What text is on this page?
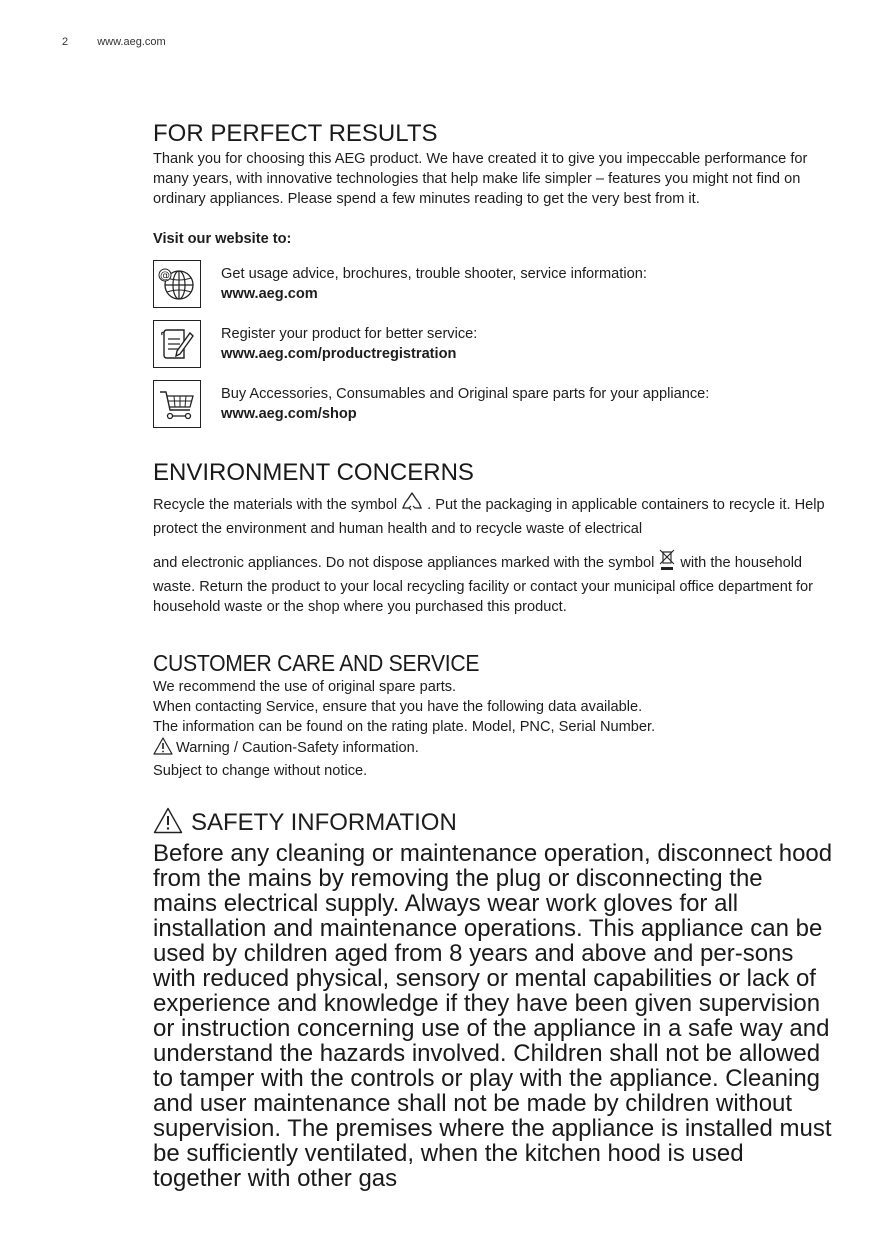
2	www.aeg.com
FOR PERFECT RESULTS

Thank you for choosing this AEG product. We have created it to give you impeccable performance for many years, with innovative technologies that help make life simpler – features you might not find on ordinary appliances. Please spend a few minutes reading to get the very best from it.

Visit our website to:

@	Get usage advice, brochures, trouble shooter, service information:
www.aeg.com
Register your product for better service:
www.aeg.com/productregistration
Buy Accessories, Consumables and Original spare parts for your appliance:
www.aeg.com/shop
ENVIRONMENT CONCERNS

Recycle the materials with the symbol . Put the packaging in applicable containers to recycle it. Help protect the environment and human health and to recycle waste of electrical
and electronic appliances. Do not dispose appliances marked with the symbol with the household waste. Return the product to your local recycling facility or contact your municipal office department for household waste or the shop where you purchased this product.

CUSTOMER CARE AND SERVICE

We recommend the use of original spare parts.

When contacting Service, ensure that you have the following data available.

The information can be found on the rating plate. Model, PNC, Serial Number.

Warning / Caution-Safety information.

Subject to change without notice.

SAFETY INFORMATION

Before any cleaning or maintenance operation, disconnect hood from the mains by removing the plug or disconnecting the mains electrical supply. Always wear work gloves for all installation and maintenance operations. This appliance can be used by children aged from 8 years and above and per-sons with reduced physical, sensory or mental capabilities or lack of experience and knowledge if they have been given supervision or instruction concerning use of the appliance in a safe way and understand the hazards involved. Children shall not be allowed to tamper with the controls or play with the appliance. Cleaning and user maintenance shall not be made by children without supervision. The premises where the appliance is installed must be sufficiently ventilated, when the kitchen hood is used together with other gas
